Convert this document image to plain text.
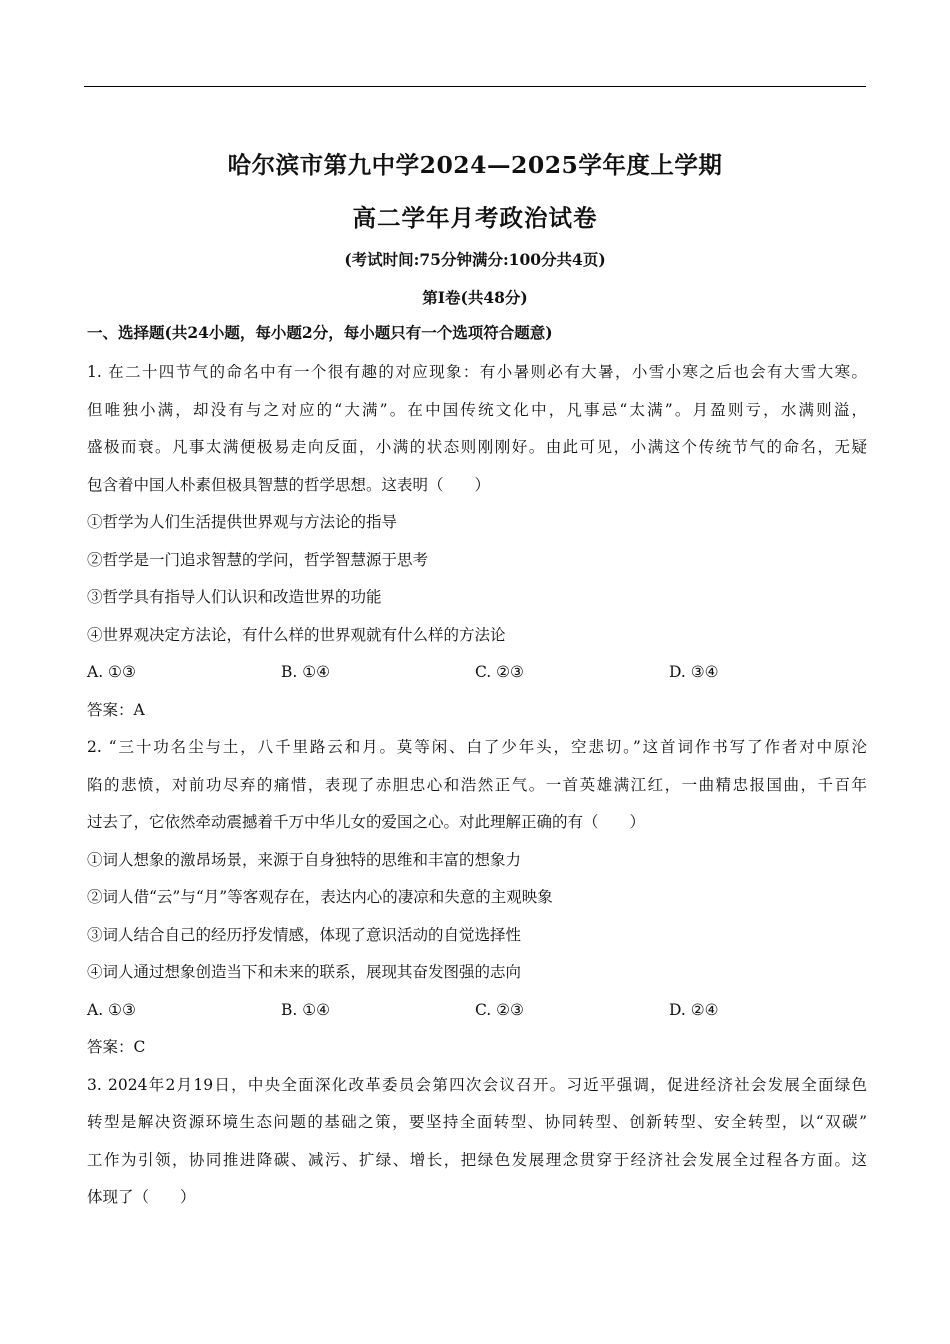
哈尔滨市第九中学2024—2025学年度上学期
高二学年月考政治试卷
(考试时间:75分钟满分:100分共4页)
第Ⅰ卷(共48分)
一、选择题(共24小题，每小题2分，每小题只有一个选项符合题意)
1. 在二十四节气的命名中有一个很有趣的对应现象：有小暑则必有大暑，小雪小寒之后也会有大雪大寒。
但唯独小满，却没有与之对应的“大满”。在中国传统文化中，凡事忌“太满”。月盈则亏，水满则溢，
盛极而衰。凡事太满便极易走向反面，小满的状态则刚刚好。由此可见，小满这个传统节气的命名，无疑
包含着中国人朴素但极具智慧的哲学思想。这表明（　　）
①哲学为人们生活提供世界观与方法论的指导
②哲学是一门追求智慧的学问，哲学智慧源于思考
③哲学具有指导人们认识和改造世界的功能
④世界观决定方法论，有什么样的世界观就有什么样的方法论
A. ①③	B. ①④	C. ②③	D. ③④
答案：A
2. “三十功名尘与土，八千里路云和月。莫等闲、白了少年头，空悲切。”这首词作书写了作者对中原沦
陷的悲愤，对前功尽弃的痛惜，表现了赤胆忠心和浩然正气。一首英雄满江红，一曲精忠报国曲，千百年
过去了，它依然牵动震撼着千万中华儿女的爱国之心。对此理解正确的有（　　）
①词人想象的激昂场景，来源于自身独特的思维和丰富的想象力
②词人借“云”与“月”等客观存在，表达内心的凄凉和失意的主观映象
③词人结合自己的经历抒发情感，体现了意识活动的自觉选择性
④词人通过想象创造当下和未来的联系，展现其奋发图强的志向
A. ①③	B. ①④	C. ②③	D. ②④
答案：C
3. 2024年2月19日，中央全面深化改革委员会第四次会议召开。习近平强调，促进经济社会发展全面绿色
转型是解决资源环境生态问题的基础之策，要坚持全面转型、协同转型、创新转型、安全转型，以“双碳”
工作为引领，协同推进降碳、减污、扩绿、增长，把绿色发展理念贯穿于经济社会发展全过程各方面。这
体现了（　　）
